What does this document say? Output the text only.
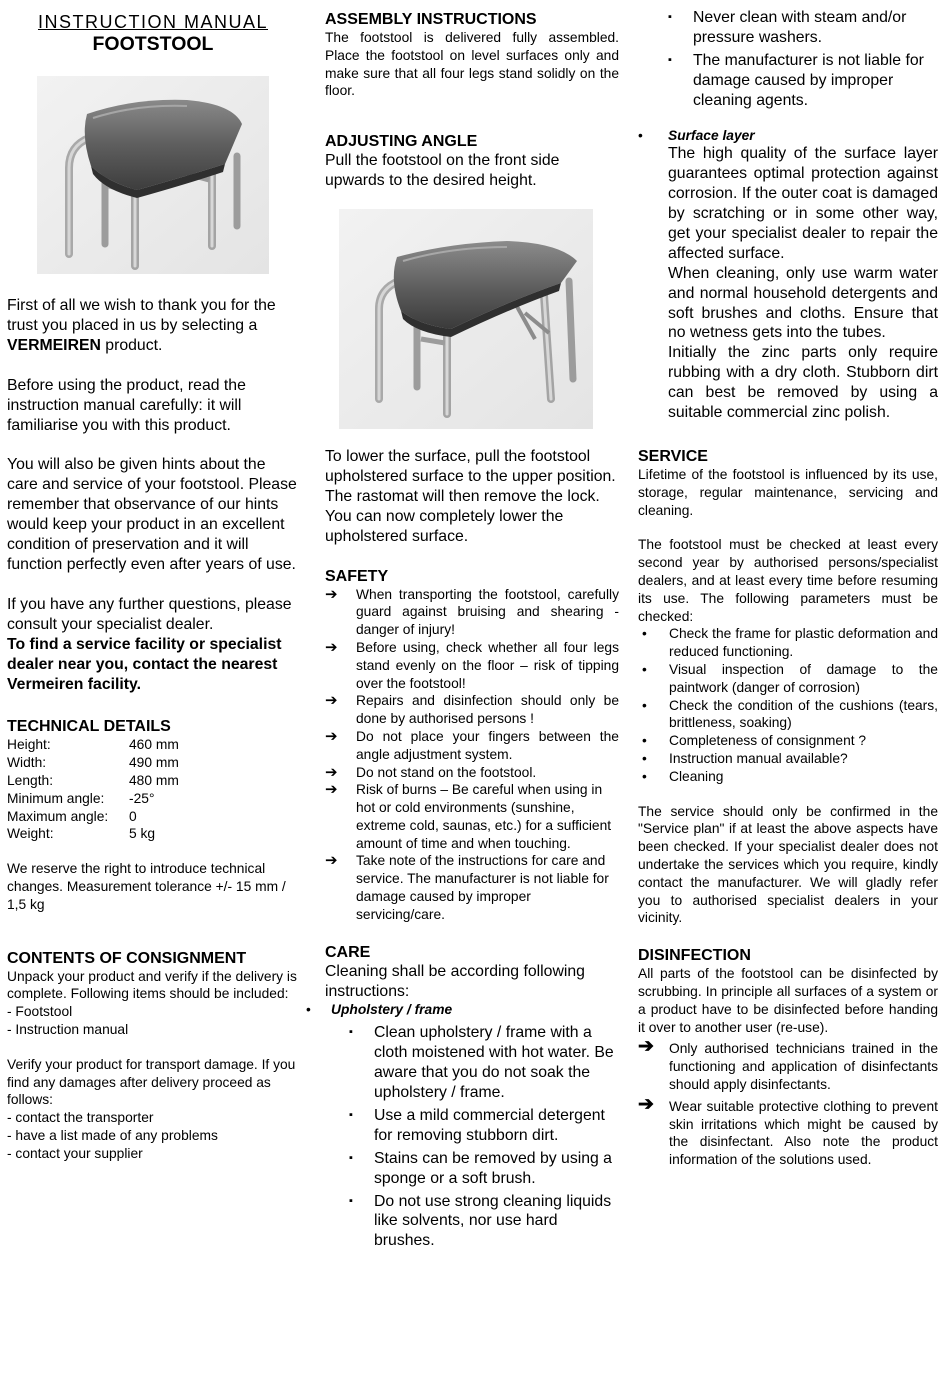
INSTRUCTION MANUAL

FOOTSTOOL

First of all we wish to thank you for the trust you placed in us by selecting a VERMEIREN product.

Before using the product, read the instruction manual carefully: it will familiarise you with this product.

You will also be given hints about the care and service of your footstool. Please remember that observance of our hints would keep your product in an excellent condition of preservation and it will function perfectly even after years of use.

If you have any further questions, please consult your specialist dealer.
To find a service facility or specialist dealer near you, contact the nearest Vermeiren facility.

TECHNICAL DETAILS

Height:	460 mm
Width:	490 mm
Length:	480 mm
Minimum angle:	-25°
Maximum angle:	0
Weight:	5 kg

We reserve the right to introduce technical changes. Measurement tolerance +/- 15 mm / 1,5 kg

CONTENTS OF CONSIGNMENT

Unpack your product and verify if the delivery is complete. Following items should be included:

- Footstool

- Instruction manual

Verify your product for transport damage. If you find any damages after delivery proceed as follows:

- contact the transporter

- have a list made of any problems

- contact your supplier

ASSEMBLY INSTRUCTIONS

The footstool is delivered fully assembled. Place the footstool on level surfaces only and make sure that all four legs stand solidly on the floor.

ADJUSTING ANGLE

Pull the footstool on the front side upwards to the desired height.

To lower the surface, pull the footstool upholstered surface to the upper position. The rastomat will then remove the lock. You can now completely lower the upholstered surface.

SAFETY

➔ When transporting the footstool, carefully guard against bruising and shearing - danger of injury!
➔ Before using, check whether all four legs stand evenly on the floor – risk of tipping over the footstool!
➔ Repairs and disinfection should only be done by authorised persons !
➔ Do not place your fingers between the angle adjustment system.
➔ Do not stand on the footstool.
➔ Risk of burns – Be careful when using in hot or cold environments (sunshine, extreme cold, saunas, etc.) for a sufficient amount of time and when touching.
➔ Take note of the instructions for care and service. The manufacturer is not liable for damage caused by improper servicing/care.

CARE

Cleaning shall be according following instructions:

• Upholstery / frame
▪ Clean upholstery / frame with a cloth moistened with hot water. Be aware that you do not soak the upholstery / frame.
▪ Use a mild commercial detergent for removing stubborn dirt.
▪ Stains can be removed by using a sponge or a soft brush.
▪ Do not use strong cleaning liquids like solvents, nor use hard brushes.
▪ Never clean with steam and/or pressure washers.
▪ The manufacturer is not liable for damage caused by improper cleaning agents.
• Surface layer

The high quality of the surface layer guarantees optimal protection against corrosion. If the outer coat is damaged by scratching or in some other way, get your specialist dealer to repair the affected surface.

When cleaning, only use warm water and normal household detergents and soft brushes and cloths. Ensure that no wetness gets into the tubes.

Initially the zinc parts only require rubbing with a dry cloth. Stubborn dirt can best be removed by using a suitable commercial zinc polish.

SERVICE

Lifetime of the footstool is influenced by its use, storage, regular maintenance, servicing and cleaning.

The footstool must be checked at least every second year by authorised persons/specialist dealers, and at least every time before resuming its use. The following parameters must be checked:

• Check the frame for plastic deformation and reduced functioning.
• Visual inspection of damage to the paintwork (danger of corrosion)
• Check the condition of the cushions (tears, brittleness, soaking)
• Completeness of consignment ?
• Instruction manual available?
• Cleaning

The service should only be confirmed in the "Service plan" if at least the above aspects have been checked. If your specialist dealer does not undertake the services which you require, kindly contact the manufacturer. We will gladly refer you to authorised specialist dealers in your vicinity.

DISINFECTION

All parts of the footstool can be disinfected by scrubbing. In principle all surfaces of a system or a product have to be disinfected before handing it over to another user (re-use).

➔ Only authorised technicians trained in the functioning and application of disinfectants should apply disinfectants.
➔ Wear suitable protective clothing to prevent skin irritations which might be caused by the disinfectant. Also note the product information of the solutions used.
